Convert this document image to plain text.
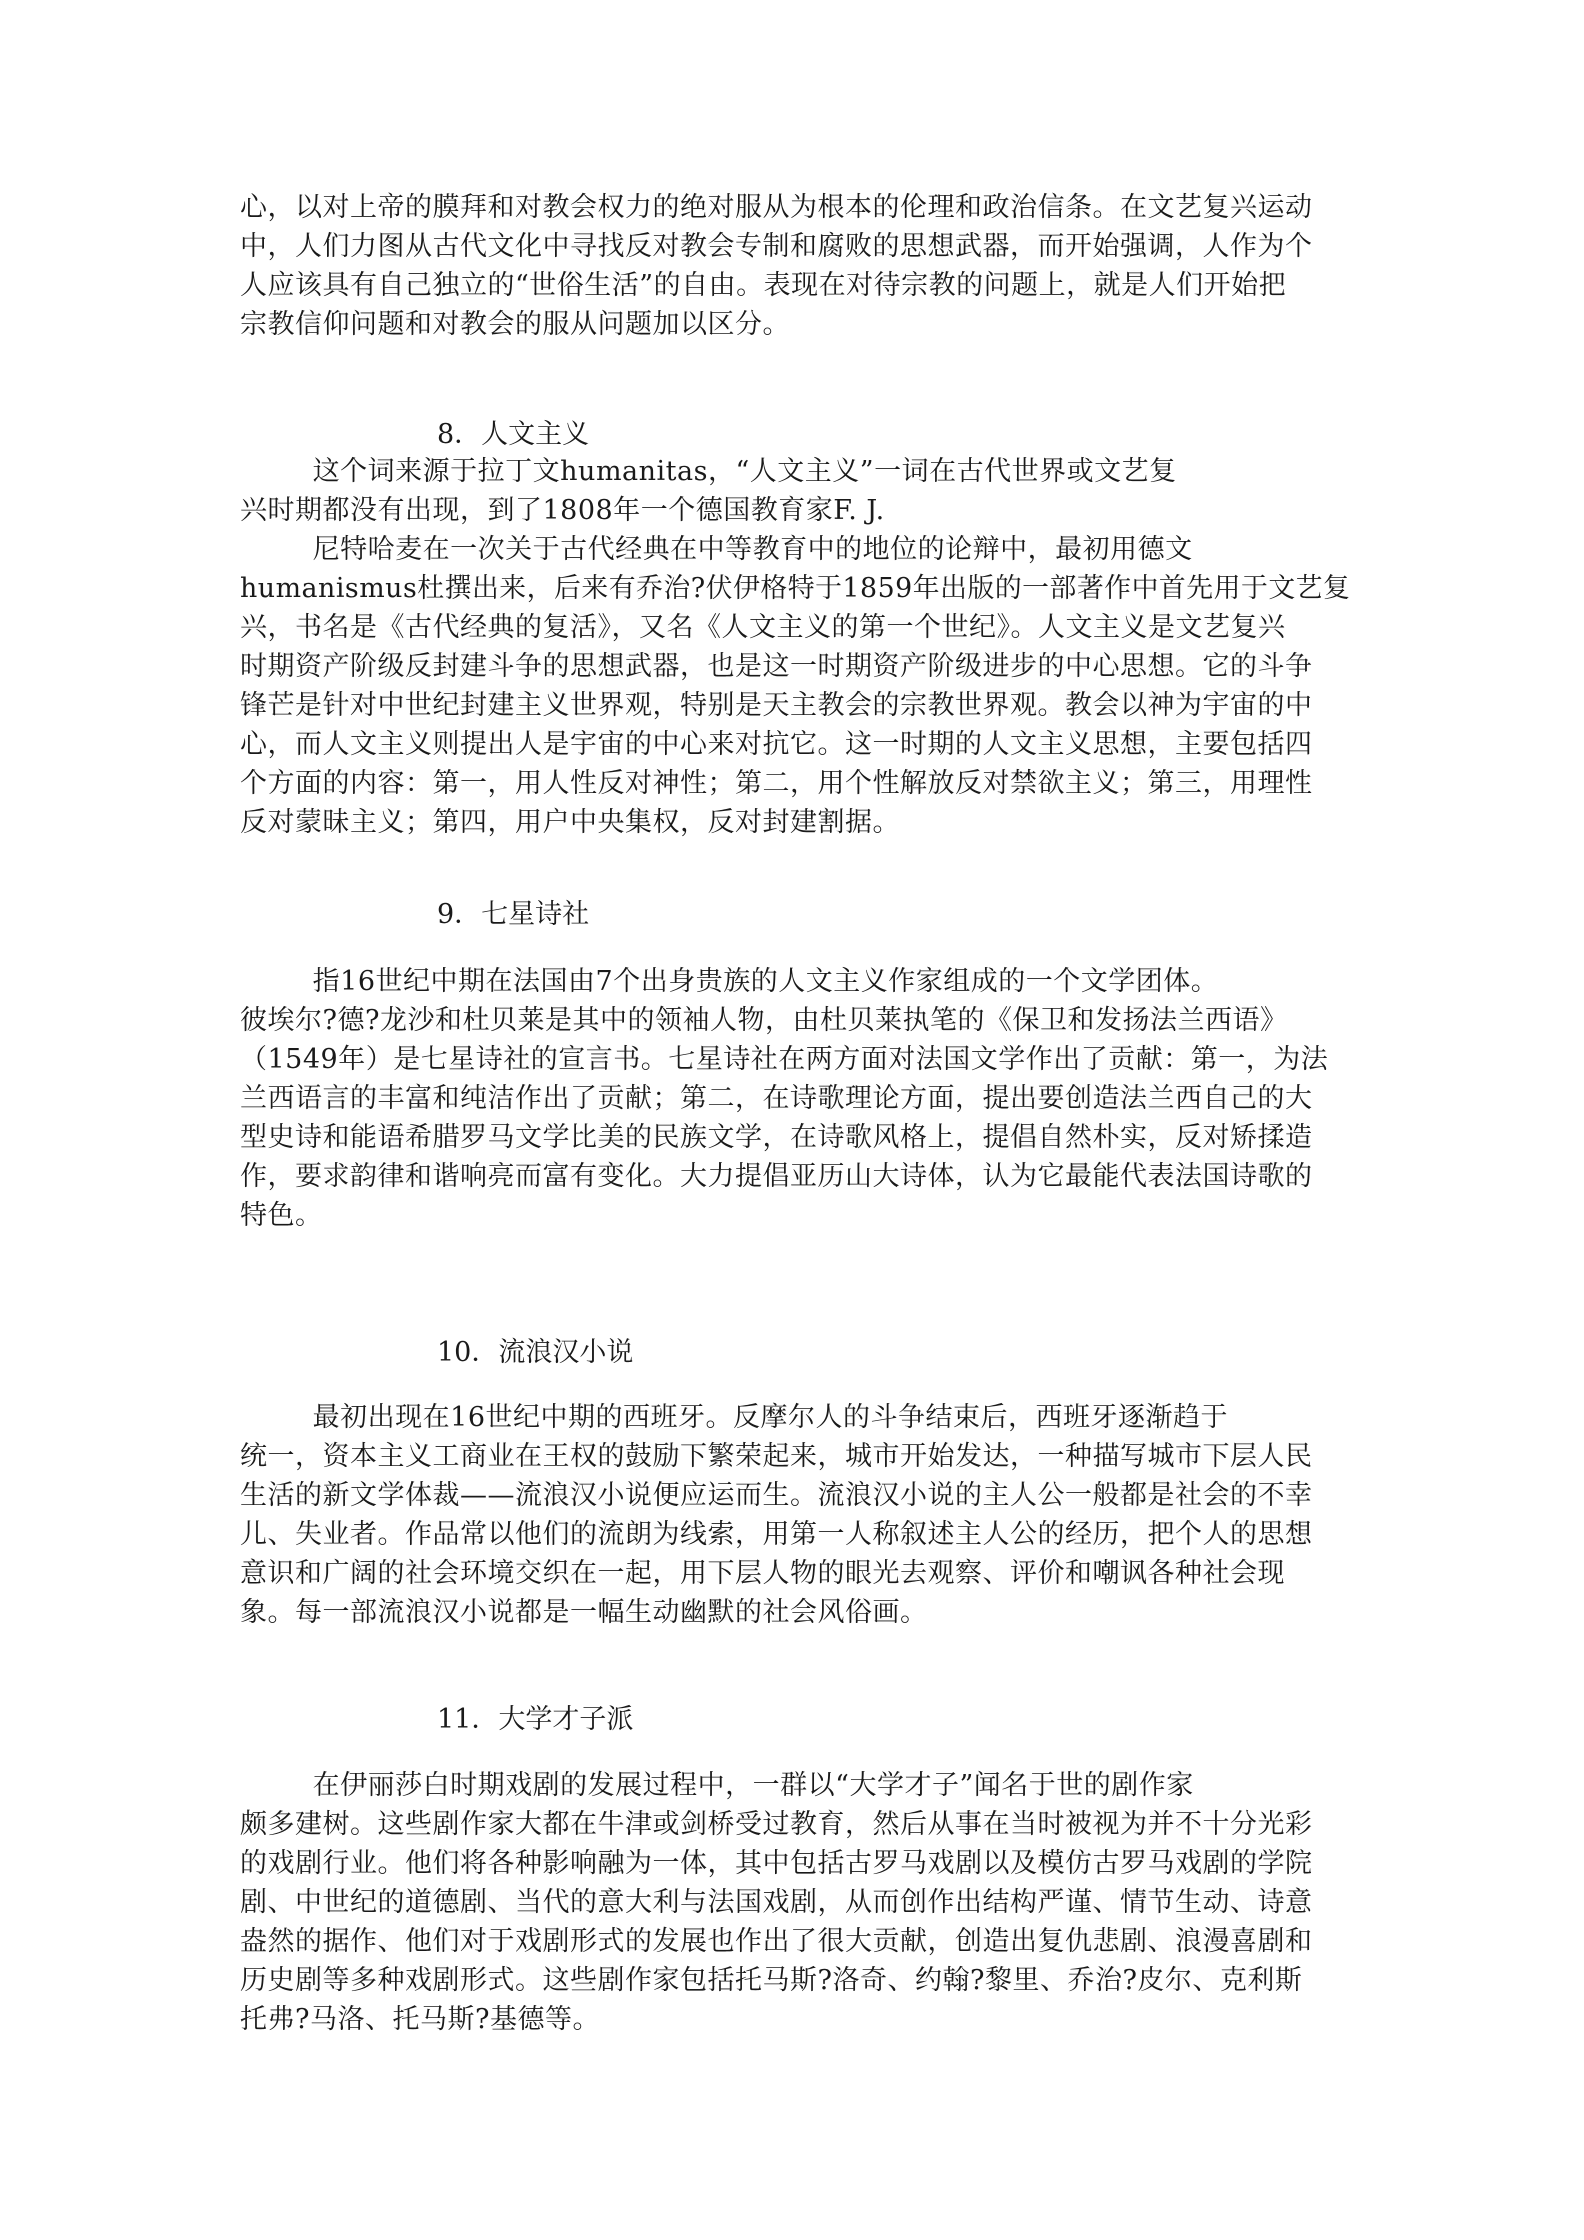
心，以对上帝的膜拜和对教会权力的绝对服从为根本的伦理和政治信条。在文艺复兴运动
中，人们力图从古代文化中寻找反对教会专制和腐败的思想武器，而开始强调，人作为个
人应该具有自己独立的“世俗生活”的自由。表现在对待宗教的问题上，就是人们开始把
宗教信仰问题和对教会的服从问题加以区分。
8．人文主义
这个词来源于拉丁文humanitas，“人文主义”一词在古代世界或文艺复
兴时期都没有出现，到了1808年一个德国教育家F. J.
尼特哈麦在一次关于古代经典在中等教育中的地位的论辩中，最初用德文
humanismus杜撰出来，后来有乔治?伏伊格特于1859年出版的一部著作中首先用于文艺复
兴，书名是《古代经典的复活》，又名《人文主义的第一个世纪》。人文主义是文艺复兴
时期资产阶级反封建斗争的思想武器，也是这一时期资产阶级进步的中心思想。它的斗争
锋芒是针对中世纪封建主义世界观，特别是天主教会的宗教世界观。教会以神为宇宙的中
心，而人文主义则提出人是宇宙的中心来对抗它。这一时期的人文主义思想，主要包括四
个方面的内容：第一，用人性反对神性；第二，用个性解放反对禁欲主义；第三，用理性
反对蒙昧主义；第四，用户中央集权，反对封建割据。
9．七星诗社
指16世纪中期在法国由7个出身贵族的人文主义作家组成的一个文学团体。
彼埃尔?德?龙沙和杜贝莱是其中的领袖人物，由杜贝莱执笔的《保卫和发扬法兰西语》
（1549年）是七星诗社的宣言书。七星诗社在两方面对法国文学作出了贡献：第一，为法
兰西语言的丰富和纯洁作出了贡献；第二，在诗歌理论方面，提出要创造法兰西自己的大
型史诗和能语希腊罗马文学比美的民族文学，在诗歌风格上，提倡自然朴实，反对矫揉造
作，要求韵律和谐响亮而富有变化。大力提倡亚历山大诗体，认为它最能代表法国诗歌的
特色。
10．流浪汉小说
最初出现在16世纪中期的西班牙。反摩尔人的斗争结束后，西班牙逐渐趋于
统一，资本主义工商业在王权的鼓励下繁荣起来，城市开始发达，一种描写城市下层人民
生活的新文学体裁——流浪汉小说便应运而生。流浪汉小说的主人公一般都是社会的不幸
儿、失业者。作品常以他们的流朗为线索，用第一人称叙述主人公的经历，把个人的思想
意识和广阔的社会环境交织在一起，用下层人物的眼光去观察、评价和嘲讽各种社会现
象。每一部流浪汉小说都是一幅生动幽默的社会风俗画。
11．大学才子派
在伊丽莎白时期戏剧的发展过程中，一群以“大学才子”闻名于世的剧作家
颇多建树。这些剧作家大都在牛津或剑桥受过教育，然后从事在当时被视为并不十分光彩
的戏剧行业。他们将各种影响融为一体，其中包括古罗马戏剧以及模仿古罗马戏剧的学院
剧、中世纪的道德剧、当代的意大利与法国戏剧，从而创作出结构严谨、情节生动、诗意
盎然的据作、他们对于戏剧形式的发展也作出了很大贡献，创造出复仇悲剧、浪漫喜剧和
历史剧等多种戏剧形式。这些剧作家包括托马斯?洛奇、约翰?黎里、乔治?皮尔、克利斯
托弗?马洛、托马斯?基德等。
